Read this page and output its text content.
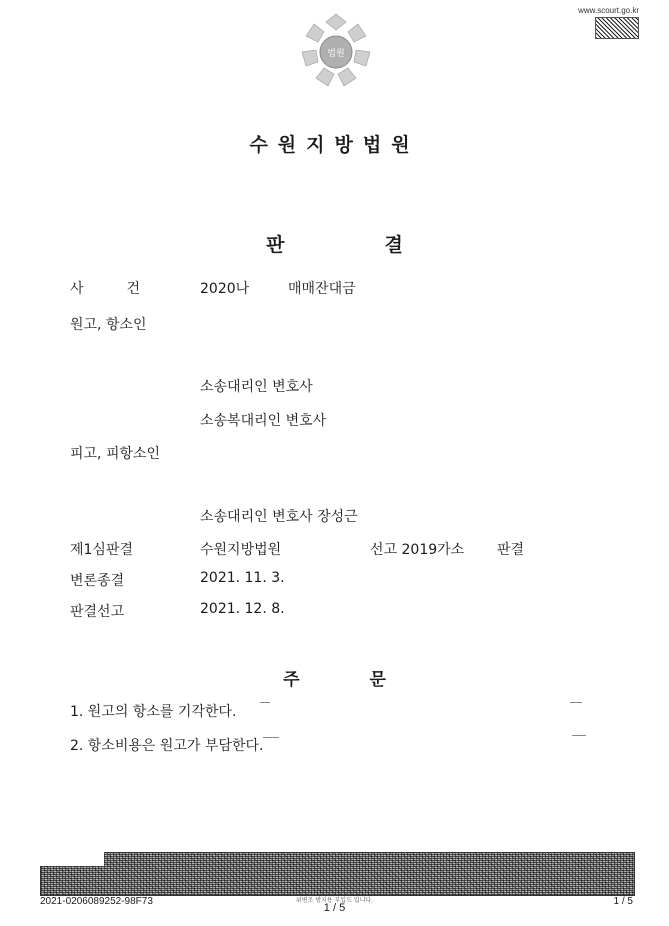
www.scourt.go.kr
법원
수원지방법원
판	결
사	건	2020나	매매잔대금
원고, 항소인
소송대리인 변호사
소송복대리인 변호사
피고, 피항소인
소송대리인 변호사 장성근
제1심판결	수원지방법원	선고 2019가소 판결
변론종결	2021. 11. 3.
판결선고	2021. 12. 8.
주	문
1. 원고의 항소를 기각한다.
2. 항소비용은 원고가 부담한다.
2021-0206089252-98F73	위변조 방지용 부입도 입니다.
1 / 5
1 / 5
